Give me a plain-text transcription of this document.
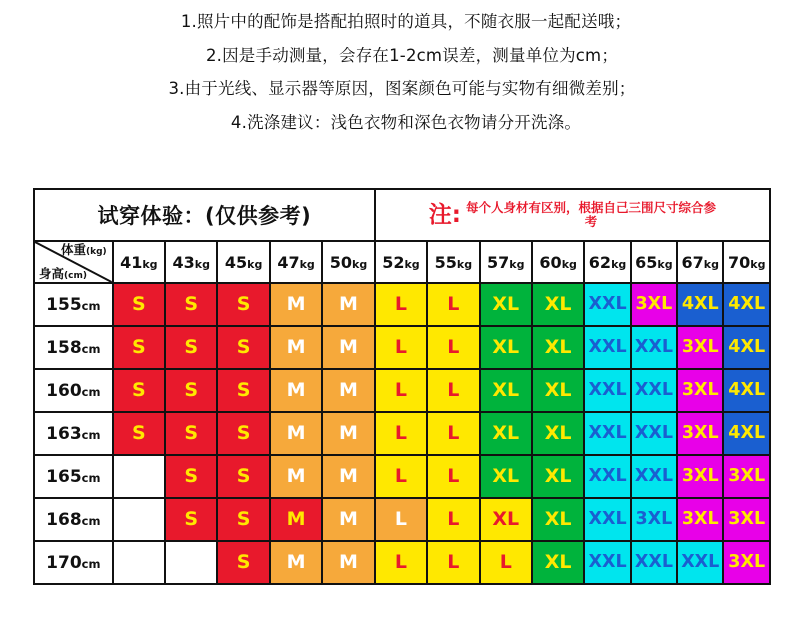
1.照片中的配饰是搭配拍照时的道具，不随衣服一起配送哦；
2.因是手动测量，会存在1-2cm误差，测量单位为cm；
3.由于光线、显示器等原因，图案颜色可能与实物有细微差别；
4.洗涤建议：浅色衣物和深色衣物请分开洗涤。
试穿体验：(仅供参考)						注: 每个人身材有区别，根据自己三围尺寸综合参考							

体重(kg)
身高(cm)	41kg	43kg	45kg	47kg	50kg	52kg	55kg	57kg	60kg	62kg	65kg	67kg	70kg
155cm	S	S	S	M	M	L	L	XL	XL	XXL	3XL	4XL	4XL
158cm	S	S	S	M	M	L	L	XL	XL	XXL	XXL	3XL	4XL
160cm	S	S	S	M	M	L	L	XL	XL	XXL	XXL	3XL	4XL
163cm	S	S	S	M	M	L	L	XL	XL	XXL	XXL	3XL	4XL
165cm		S	S	M	M	L	L	XL	XL	XXL	XXL	3XL	3XL
168cm		S	S	M	M	L	L	XL	XL	XXL	3XL	3XL	3XL
170cm			S	M	M	L	L	L	XL	XXL	XXL	XXL	3XL
